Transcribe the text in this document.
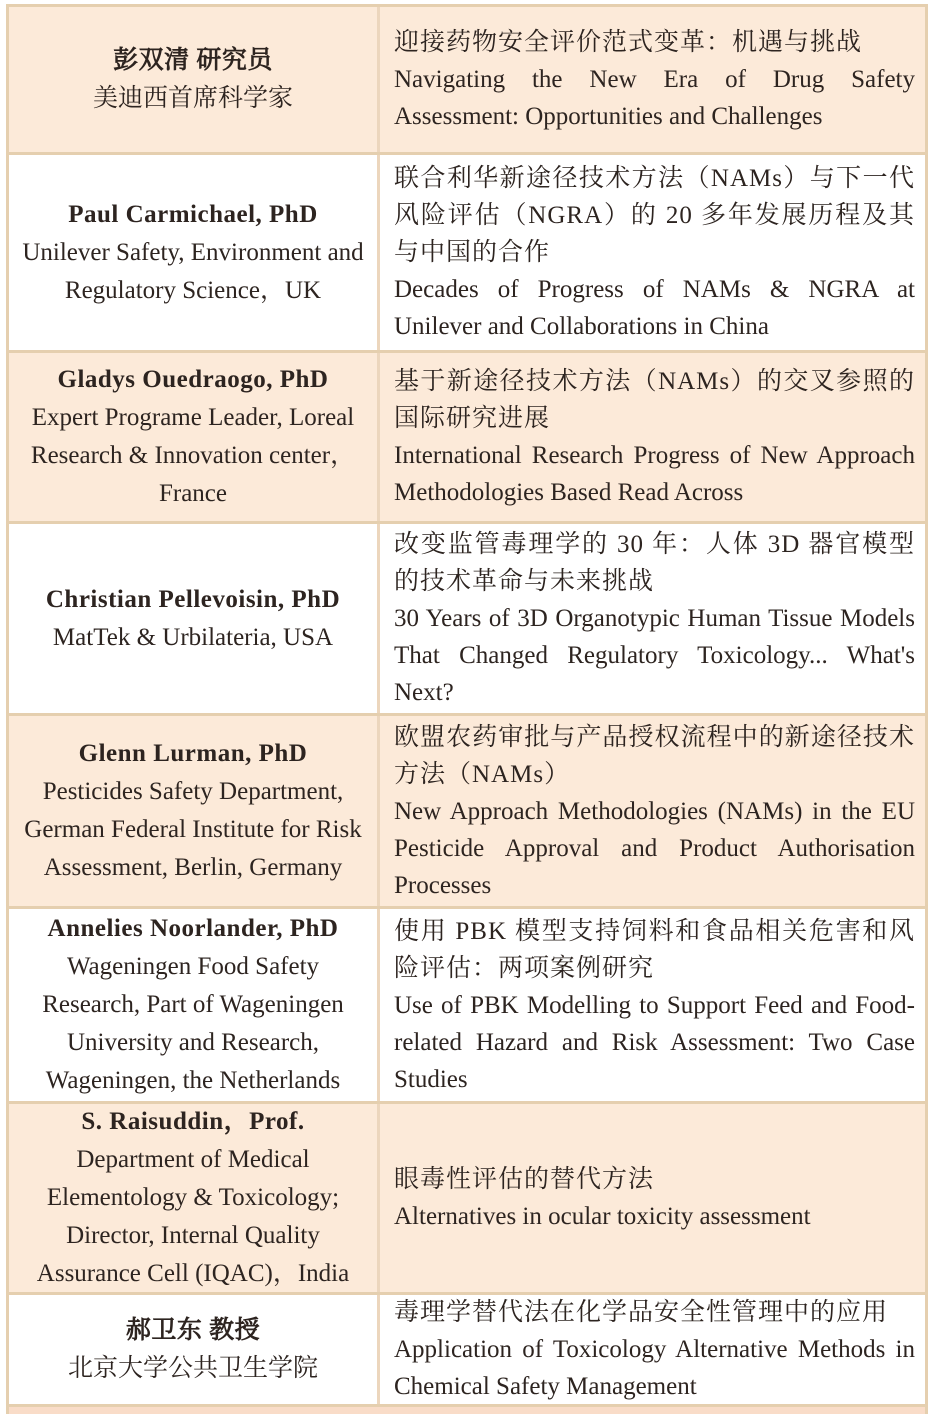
彭双清 研究员
美迪西首席科学家
迎接药物安全评价范式变革：机遇与挑战
Navigating the New Era of Drug Safety Assessment: Opportunities and Challenges
Paul Carmichael, PhD
Unilever Safety, Environment and Regulatory Science，UK
联合利华新途径技术方法（NAMs）与下一代风险评估（NGRA）的 20 多年发展历程及其与中国的合作
Decades of Progress of NAMs & NGRA at Unilever and Collaborations in China
Gladys Ouedraogo, PhD
Expert Programe Leader, Loreal Research & Innovation center，France
基于新途径技术方法（NAMs）的交叉参照的国际研究进展
International Research Progress of New Approach Methodologies Based Read Across
Christian Pellevoisin, PhD
MatTek & Urbilateria, USA
改变监管毒理学的 30 年：人体 3D 器官模型的技术革命与未来挑战
30 Years of 3D Organotypic Human Tissue Models That Changed Regulatory Toxicology... What's Next?
Glenn Lurman, PhD
Pesticides Safety Department, German Federal Institute for Risk Assessment, Berlin, Germany
欧盟农药审批与产品授权流程中的新途径技术方法（NAMs）
New Approach Methodologies (NAMs) in the EU Pesticide Approval and Product Authorisation Processes
Annelies Noorlander, PhD
Wageningen Food Safety Research, Part of Wageningen University and Research, Wageningen, the Netherlands
使用 PBK 模型支持饲料和食品相关危害和风险评估：两项案例研究
Use of PBK Modelling to Support Feed and Food-related Hazard and Risk Assessment: Two Case Studies
S. Raisuddin，Prof.
Department of Medical Elementology & Toxicology; Director, Internal Quality Assurance Cell (IQAC)，India
眼毒性评估的替代方法
Alternatives in ocular toxicity assessment
郝卫东 教授
北京大学公共卫生学院
毒理学替代法在化学品安全性管理中的应用
Application of Toxicology Alternative Methods in Chemical Safety Management
